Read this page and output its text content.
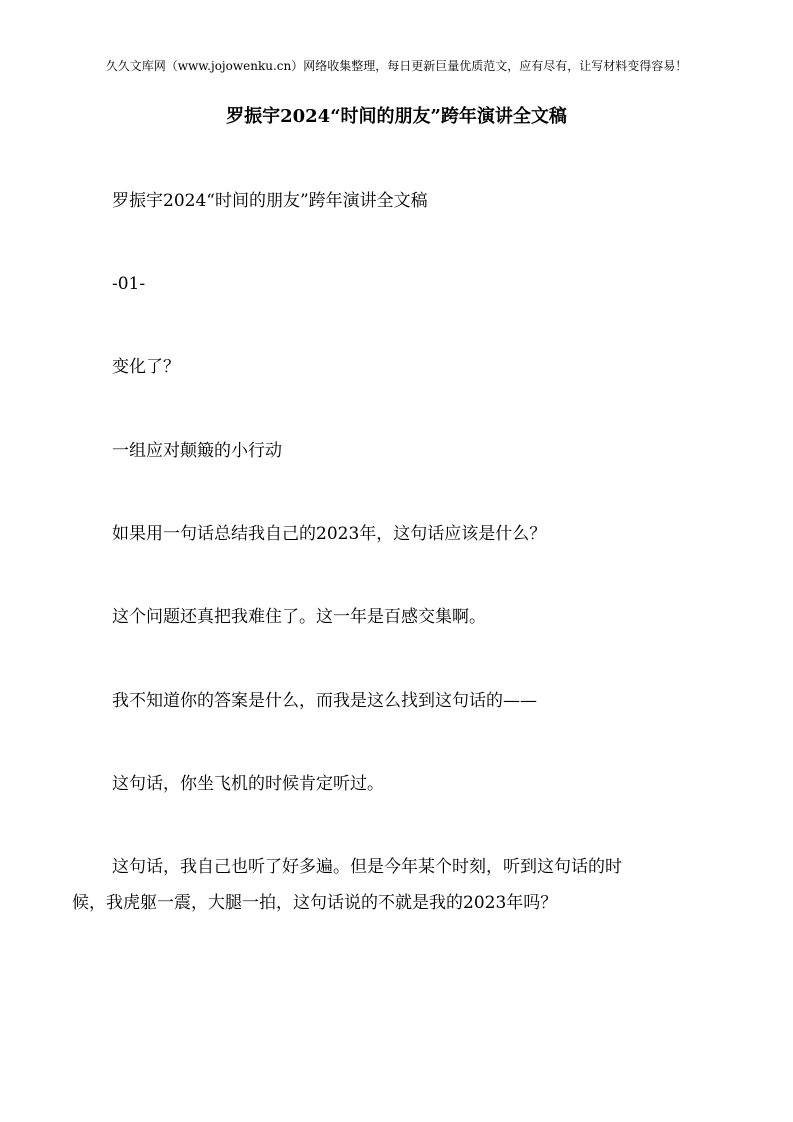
久久文库网（www.jojowenku.cn）网络收集整理，每日更新巨量优质范文，应有尽有，让写材料变得容易！
罗振宇2024“时间的朋友”跨年演讲全文稿
罗振宇2024“时间的朋友”跨年演讲全文稿
-01-
变化了？
一组应对颠簸的小行动
如果用一句话总结我自己的2023年，这句话应该是什么？
这个问题还真把我难住了。这一年是百感交集啊。
我不知道你的答案是什么，而我是这么找到这句话的——
这句话，你坐飞机的时候肯定听过。
这句话，我自己也听了好多遍。但是今年某个时刻，听到这句话的时
候，我虎躯一震，大腿一拍，这句话说的不就是我的2023年吗？
